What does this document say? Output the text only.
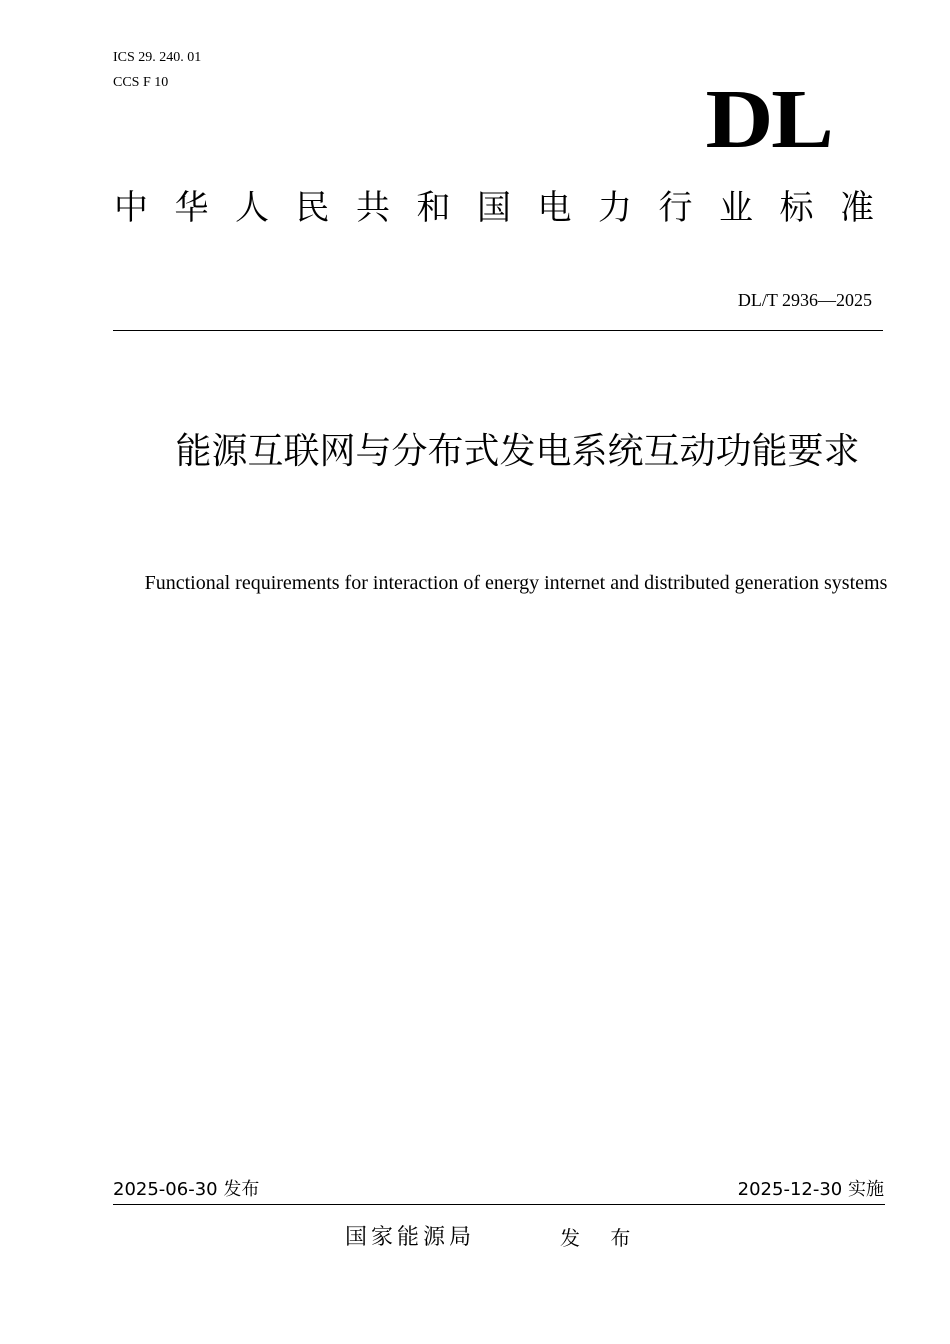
ICS 29. 240. 01
CCS F 10	DL
中 华 人 民 共 和 国 电 力 行 业 标 准
DL/T 2936—2025
能源互联网与分布式发电系统互动功能要求
Functional requirements for interaction of energy internet and distributed generation systems
2025-06-30 发布	2025-12-30 实施
国家能源局	发 布
